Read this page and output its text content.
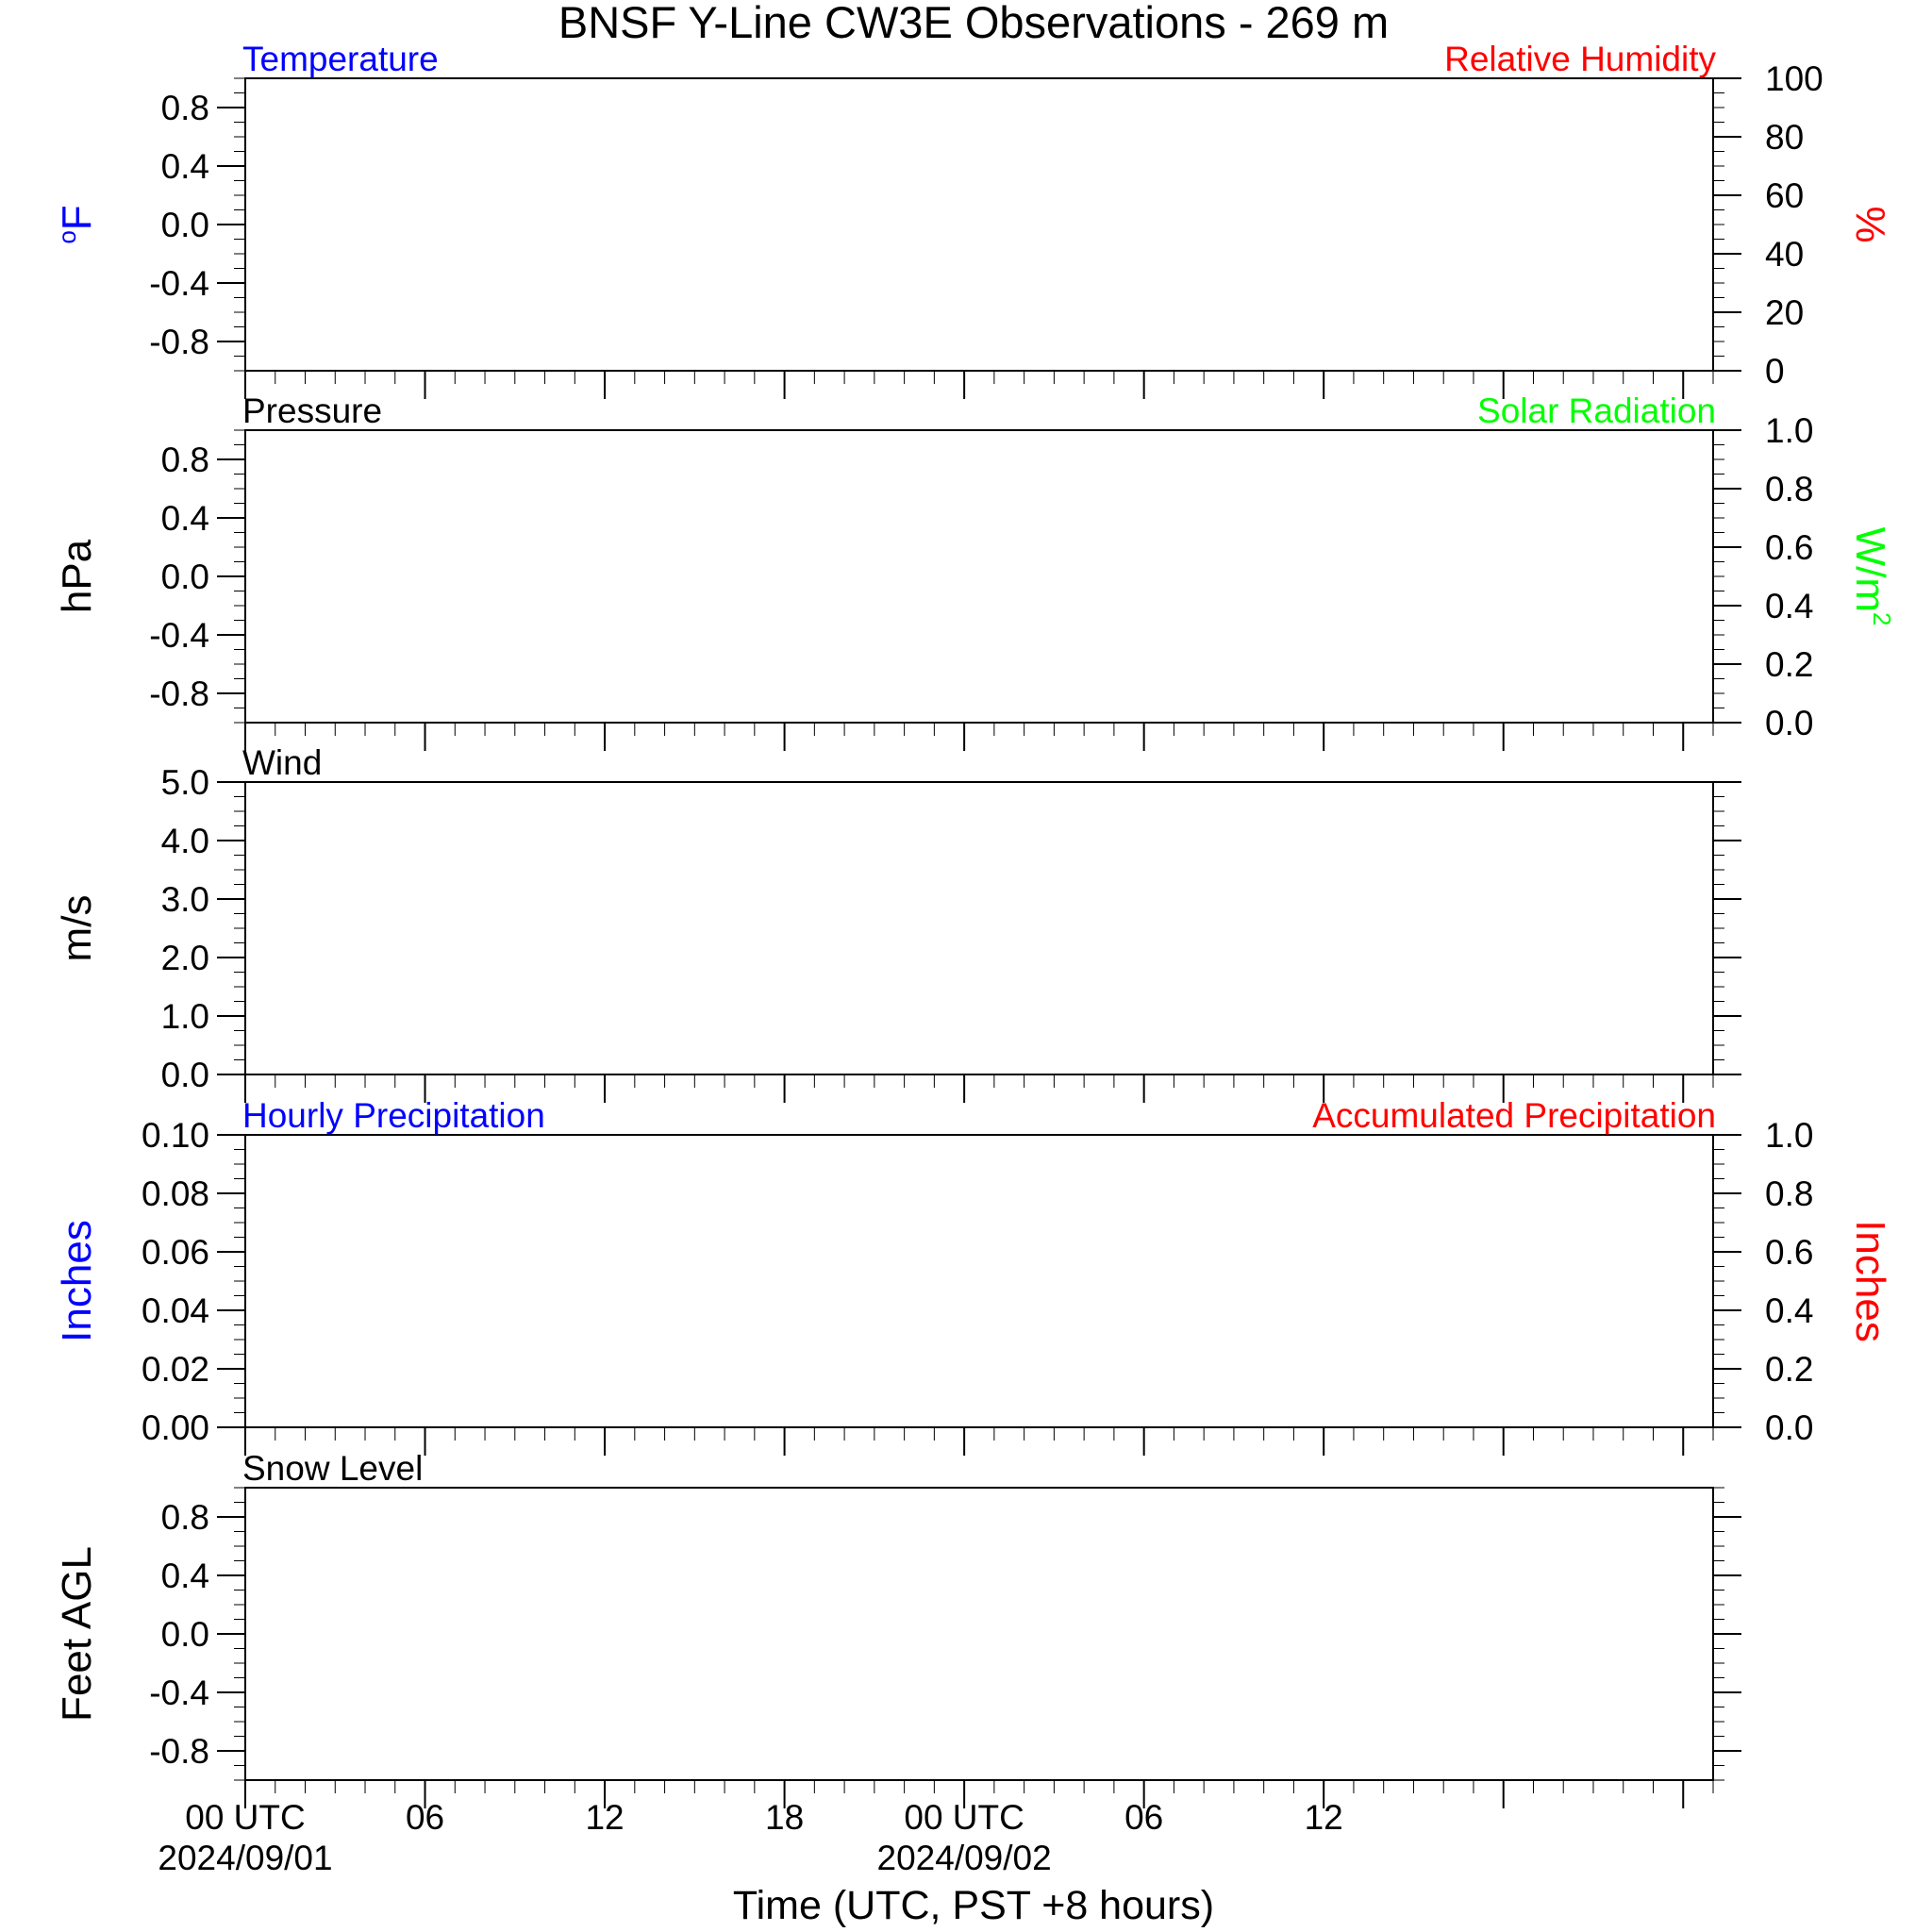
BNSF Y-Line CW3E Observations - 269 m
Temperature	Relative Humidity
0.8
0.4
0.0
-0.4
-0.8
100
80
60
40
20
0
$^o$F	%
Pressure	Solar Radiation
0.8
0.4
0.0
-0.4
-0.8
1.0
0.8
0.6
0.4
0.2
0.0
hPa	$W/m^2$
Wind
5.0
4.0
3.0
2.0
1.0
0.0
m/s
Hourly Precipitation	Accumulated Precipitation
0.10
0.08
0.06
0.04
0.02
0.00
1.0
0.8
0.6
0.4
0.2
0.0
Inches	Inches
Snow Level
0.8
0.4
0.0
-0.4
-0.8
Feet AGL
00 UTC
2024/09/01
06	12	18	00 UTC
2024/09/02
06	12
Time (UTC, PST +8 hours)
